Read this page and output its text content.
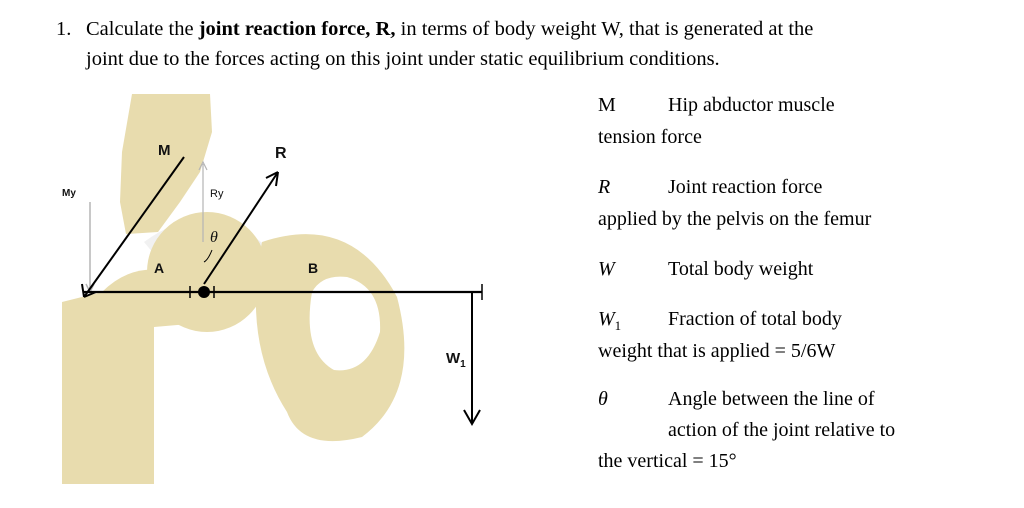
1. Calculate the joint reaction force, R, in terms of body weight W, that is generated at the
joint due to the forces acting on this joint under static equilibrium conditions.
M	R
My	Ry
θ
A	B
$W_1$
M	Hip abductor muscle
tension force
R	Joint reaction force
applied by the pelvis on the femur
W	Total body weight
$W_1$ Fraction of total body
weight that is applied = 5/6W
θ	Angle between the line of
action of the joint relative to
the vertical = 15°
